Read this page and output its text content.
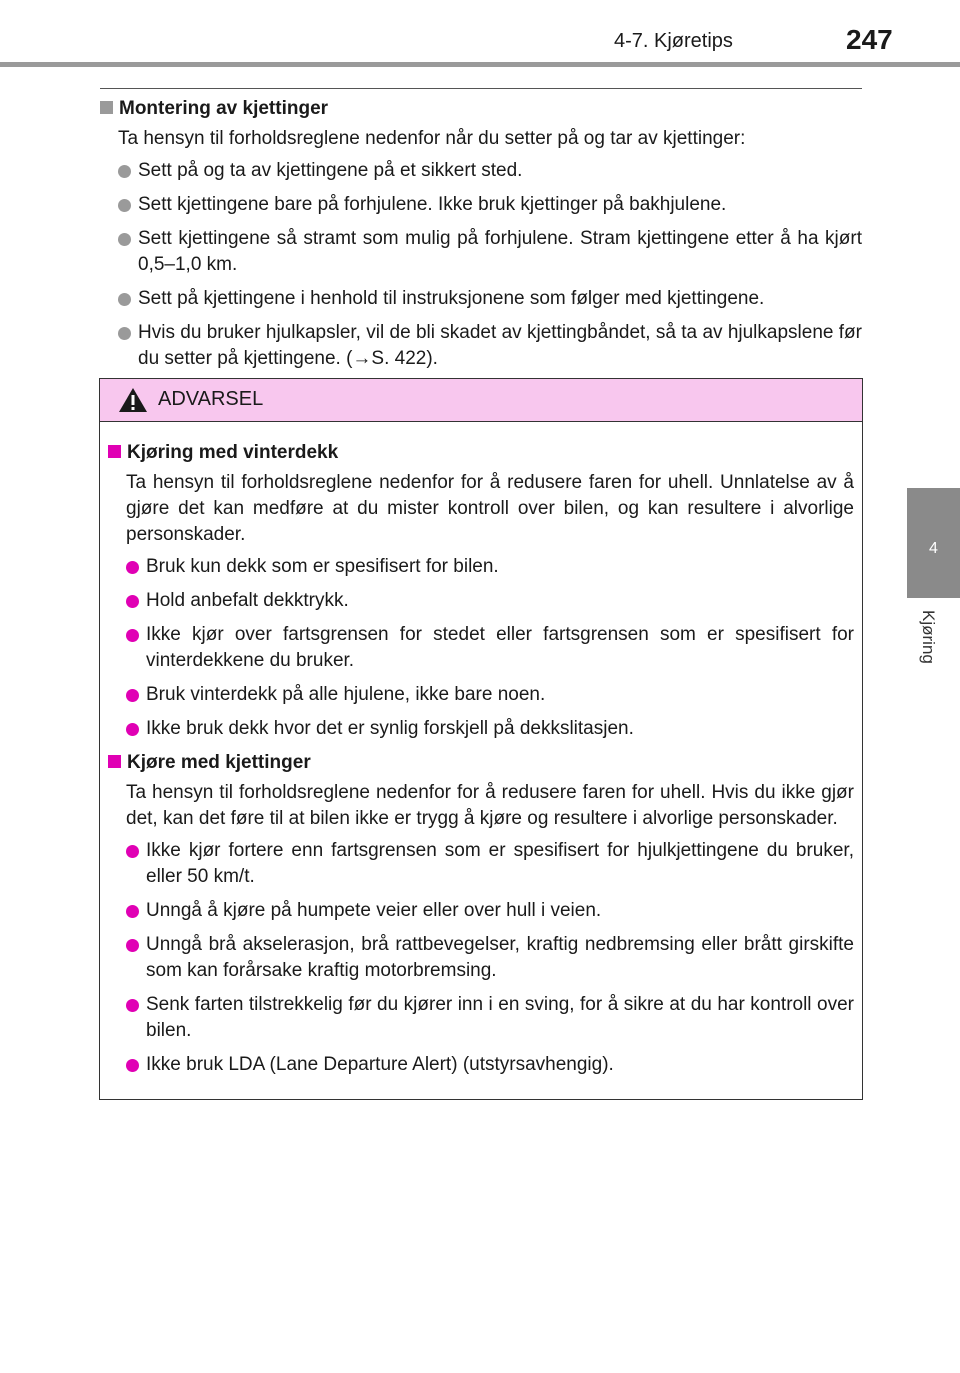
4-7. Kjøretips	247
4
Kjøring
Montering av kjettinger
Ta hensyn til forholdsreglene nedenfor når du setter på og tar av kjettinger:
Sett på og ta av kjettingene på et sikkert sted.
Sett kjettingene bare på forhjulene. Ikke bruk kjettinger på bakhjulene.
Sett kjettingene så stramt som mulig på forhjulene. Stram kjettingene etter å ha kjørt 0,5–1,0 km.
Sett på kjettingene i henhold til instruksjonene som følger med kjettingene.
Hvis du bruker hjulkapsler, vil de bli skadet av kjettingbåndet, så ta av hjulkapslene før du setter på kjettingene. (→S. 422).
ADVARSEL
Kjøring med vinterdekk
Ta hensyn til forholdsreglene nedenfor for å redusere faren for uhell. Unnlatelse av å gjøre det kan medføre at du mister kontroll over bilen, og kan resultere i alvorlige personskader.
Bruk kun dekk som er spesifisert for bilen.
Hold anbefalt dekktrykk.
Ikke kjør over fartsgrensen for stedet eller fartsgrensen som er spesifisert for vinterdekkene du bruker.
Bruk vinterdekk på alle hjulene, ikke bare noen.
Ikke bruk dekk hvor det er synlig forskjell på dekkslitasjen.
Kjøre med kjettinger
Ta hensyn til forholdsreglene nedenfor for å redusere faren for uhell. Hvis du ikke gjør det, kan det føre til at bilen ikke er trygg å kjøre og resultere i alvorlige personskader.
Ikke kjør fortere enn fartsgrensen som er spesifisert for hjulkjettingene du bruker, eller 50 km/t.
Unngå å kjøre på humpete veier eller over hull i veien.
Unngå brå akselerasjon, brå rattbevegelser, kraftig nedbremsing eller brått girskifte som kan forårsake kraftig motorbremsing.
Senk farten tilstrekkelig før du kjører inn i en sving, for å sikre at du har kontroll over bilen.
Ikke bruk LDA (Lane Departure Alert) (utstyrsavhengig).
